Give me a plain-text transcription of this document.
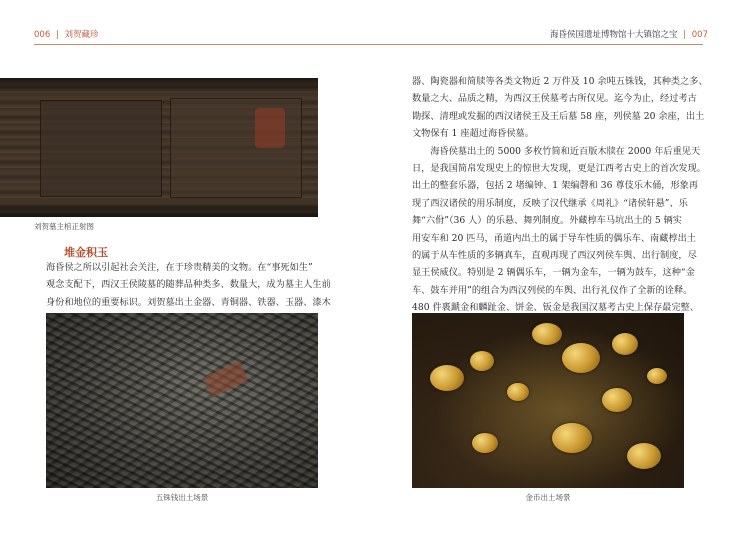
006 | 刘贺藏珍	海昏侯国遗址博物馆十大镇馆之宝 | 007
刘贺墓主棺正射图
堆金积玉
海昏侯之所以引起社会关注，在于珍贵精美的文物。在“事死如生”
观念支配下，西汉王侯陵墓的随葬品种类多、数量大，成为墓主人生前
身份和地位的重要标识。刘贺墓出土金器、青铜器、铁器、玉器、漆木
五铢钱出土场景
器、陶瓷器和简牍等各类文物近 2 万件及 10 余吨五铢钱，其种类之多、
数量之大、品质之精，为西汉王侯墓考古所仅见。迄今为止，经过考古
勘探、清理或发掘的西汉诸侯王及王后墓 58 座，列侯墓 20 余座，出土
文物保有 1 座超过海昏侯墓。
　　海昏侯墓出土的 5000 多枚竹简和近百版木牍在 2000 年后重见天
日，是我国简帛发现史上的惊世大发现，更是江西考古史上的首次发现。
出土的整套乐器，包括 2 堵编钟、1 架编磬和 36 尊伎乐木俑，形象再
现了西汉诸侯的用乐制度，反映了汉代继承《周礼》“诸侯轩悬”、乐
舞“六佾”（36 人）的乐悬、舞列制度。外藏椁车马坑出土的 5 辆实
用安车和 20 匹马，甬道内出土的属于导车性质的偶乐车、南藏椁出土
的属于从车性质的多辆真车，直观再现了西汉列侯车舆、出行制度，尽
显王侯威仪。特别是 2 辆偶乐车，一辆为金车，一辆为鼓车，这种“金
车、鼓车并用”的组合为西汉列侯的车舆、出行礼仪作了全新的诠释。
480 件褭蹏金和麟趾金、饼金、钣金是我国汉墓考古史上保存最完整、
金币出土场景
